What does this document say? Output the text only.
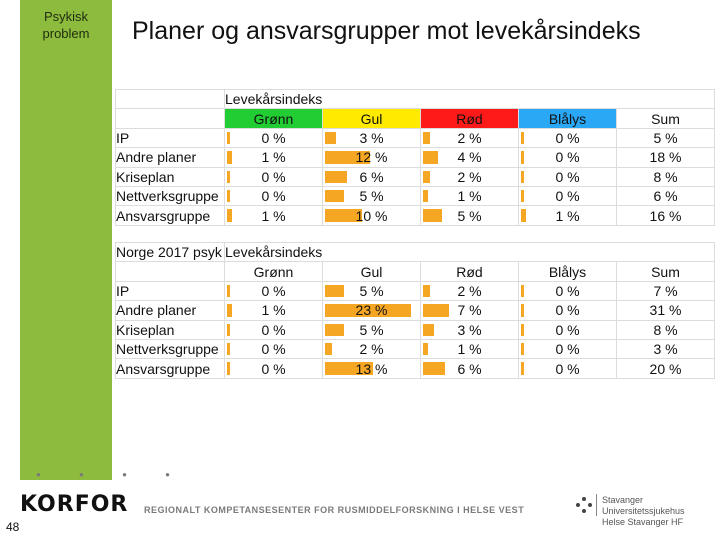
Psykisk problem	Planer og ansvarsgrupper mot levekårsindeks
	Levekårsindeks				
	Grønn	Gul	Rød	Blålys	Sum
IP	0 %	3 %	2 %	0 %	5 %
Andre planer	1 %	12 %	4 %	0 %	18 %
Kriseplan	0 %	6 %	2 %	0 %	8 %
Nettverksgruppe	0 %	5 %	1 %	0 %	6 %
Ansvarsgruppe	1 %	10 %	5 %	1 %	16 %
Norge 2017 psyk	Levekårsindeks				
	Grønn	Gul	Rød	Blålys	Sum
IP	0 %	5 %	2 %	0 %	7 %
Andre planer	1 %	23 %	7 %	0 %	31 %
Kriseplan	0 %	5 %	3 %	0 %	8 %
Nettverksgruppe	0 %	2 %	1 %	0 %	3 %
Ansvarsgruppe	0 %	13 %	6 %	0 %	20 %
● ● ● ●
KORFOR REGIONALT KOMPETANSESENTER FOR RUSMIDDELFORSKNING I HELSE VEST
Stavanger Universitetssjukehus
Helse Stavanger HF
48
